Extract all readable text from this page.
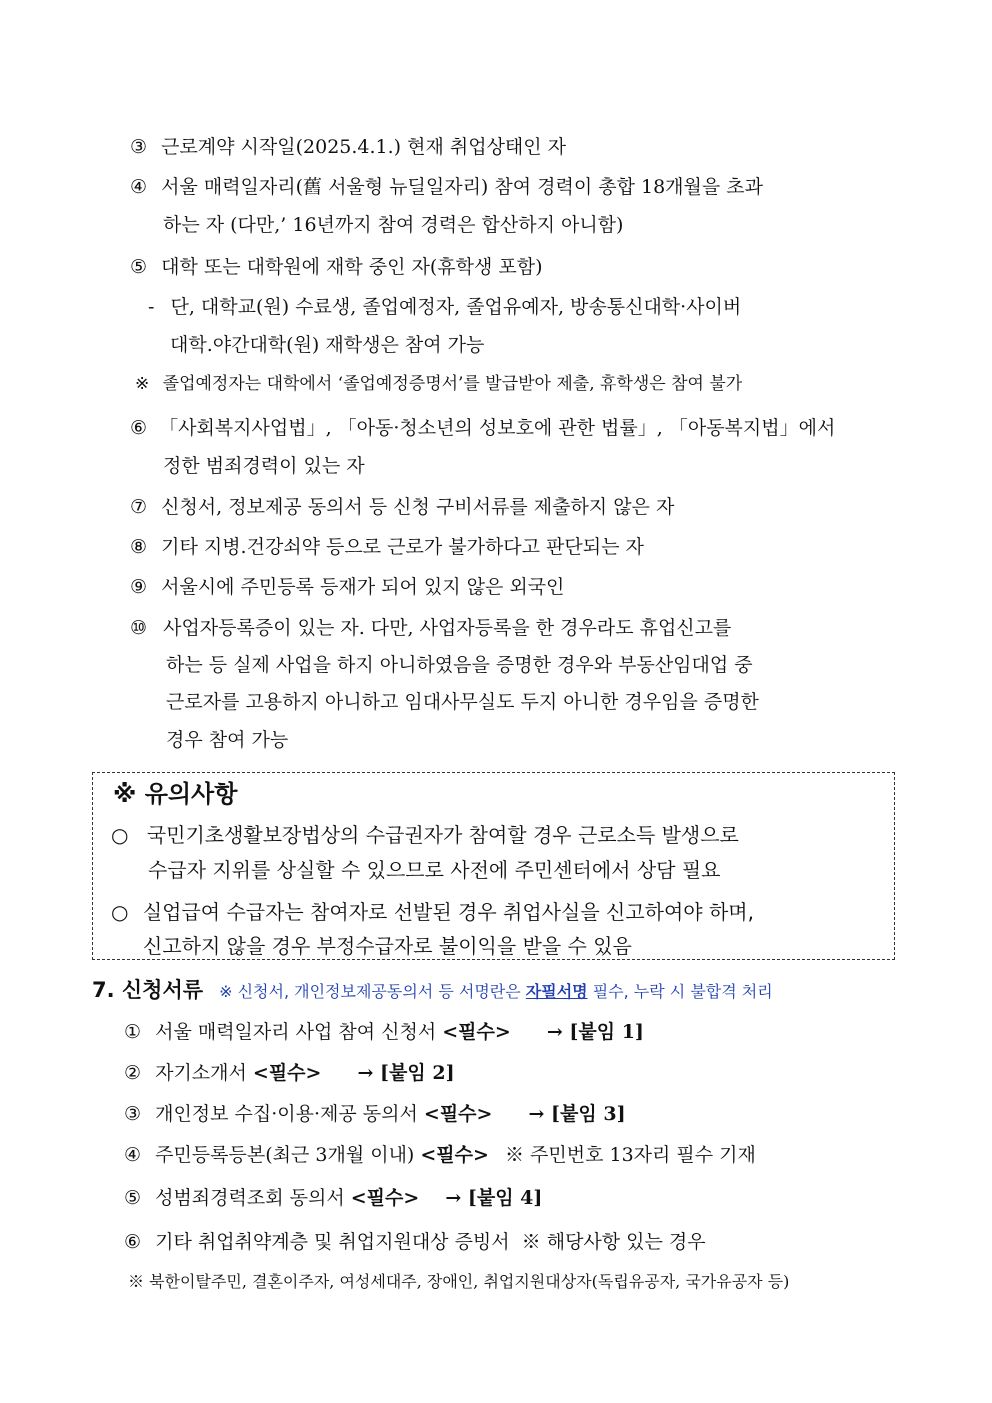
③ 근로계약 시작일(2025.4.1.) 현재 취업상태인 자
④ 서울 매력일자리(舊 서울형 뉴딜일자리) 참여 경력이 총합 18개월을 초과
하는 자 (다만,’ 16년까지 참여 경력은 합산하지 아니함)
⑤ 대학 또는 대학원에 재학 중인 자(휴학생 포함)
- 단, 대학교(원) 수료생, 졸업예정자, 졸업유예자, 방송통신대학·사이버
대학.야간대학(원) 재학생은 참여 가능
※ 졸업예정자는 대학에서 ‘졸업예정증명서’를 발급받아 제출, 휴학생은 참여 불가
⑥ 「사회복지사업법」, 「아동·청소년의 성보호에 관한 법률」, 「아동복지법」에서
정한 범죄경력이 있는 자
⑦ 신청서, 정보제공 동의서 등 신청 구비서류를 제출하지 않은 자
⑧ 기타 지병.건강쇠약 등으로 근로가 불가하다고 판단되는 자
⑨ 서울시에 주민등록 등재가 되어 있지 않은 외국인
⑩ 사업자등록증이 있는 자. 다만, 사업자등록을 한 경우라도 휴업신고를
하는 등 실제 사업을 하지 아니하였음을 증명한 경우와 부동산임대업 중
근로자를 고용하지 아니하고 임대사무실도 두지 아니한 경우임을 증명한
경우 참여 가능
※ 유의사항
○ 국민기초생활보장법상의 수급권자가 참여할 경우 근로소득 발생으로
수급자 지위를 상실할 수 있으므로 사전에 주민센터에서 상담 필요
○ 실업급여 수급자는 참여자로 선발된 경우 취업사실을 신고하여야 하며,
신고하지 않을 경우 부정수급자로 불이익을 받을 수 있음
7. 신청서류 ※ 신청서, 개인정보제공동의서 등 서명란은 자필서명 필수, 누락 시 불합격 처리
① 서울 매력일자리 사업 참여 신청서 <필수> → [붙임 1]
② 자기소개서 <필수> → [붙임 2]
③ 개인정보 수집·이용·제공 동의서 <필수> → [붙임 3]
④ 주민등록등본(최근 3개월 이내) <필수> ※ 주민번호 13자리 필수 기재
⑤ 성범죄경력조회 동의서 <필수> → [붙임 4]
⑥ 기타 취업취약계층 및 취업지원대상 증빙서 ※ 해당사항 있는 경우
※ 북한이탈주민, 결혼이주자, 여성세대주, 장애인, 취업지원대상자(독립유공자, 국가유공자 등)
